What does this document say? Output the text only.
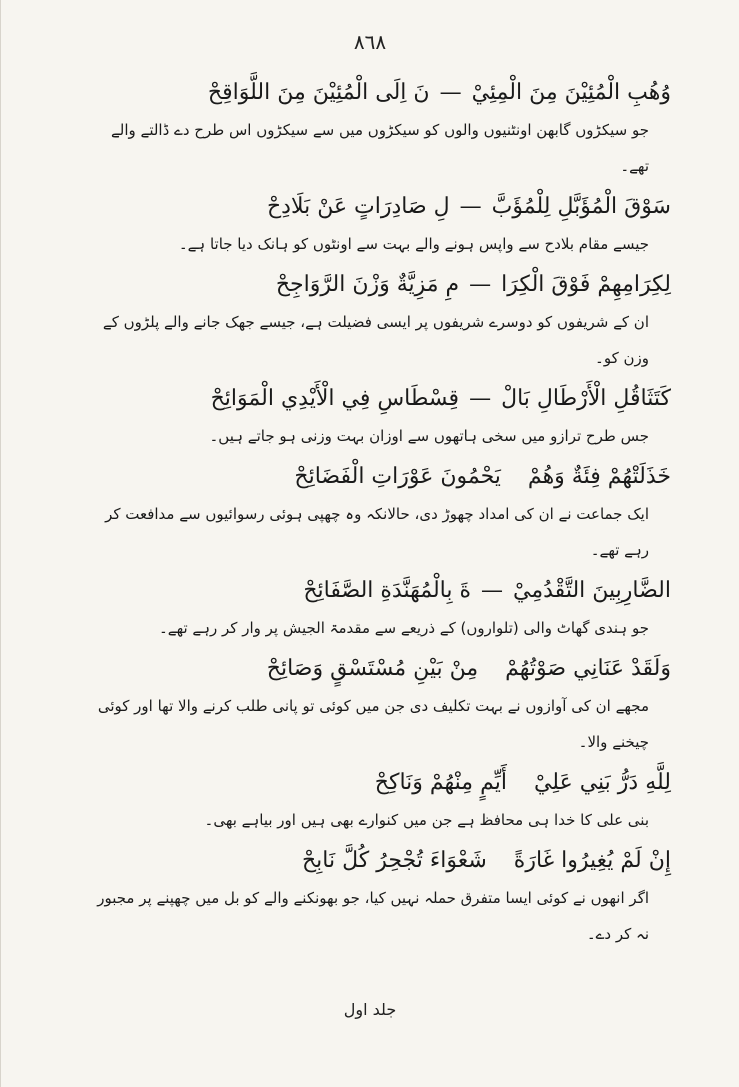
٨٦٨
وُهُبِ الْمُئِيْنَ مِنَ الْمِئِيْ—نَ اِلَى الْمُئِيْنَ مِنَ اللَّوَاقِحْ
جو سیکڑوں گابھن اونٹنیوں والوں کو سیکڑوں میں سے سیکڑوں اس طرح دے ڈالتے والے تھے۔
سَوْقَ الْمُؤَبَّلِ لِلْمُؤَبَّ—لِ صَادِرَاتٍ عَنْ بَلَادِحْ
جیسے مقام بلادح سے واپس ہونے والے بہت سے اونٹوں کو ہانک دیا جاتا ہے۔
لِكِرَامِهِمْ فَوْقَ الْكِرَا—مِ مَزِيَّةٌ وَزْنَ الرَّوَاجِحْ
ان کے شریفوں کو دوسرے شریفوں پر ایسی فضیلت ہے، جیسے جھک جانے والے پلڑوں کے وزن کو۔
كَتَثَاقُلِ الْأَرْطَالِ بَالْ—قِسْطَاسِ فِي الْأَيْدِي الْمَوَائِحْ
جس طرح ترازو میں سخی ہاتھوں سے اوزان بہت وزنی ہو جاتے ہیں۔
خَذَلَتْهُمْ فِئَةٌ وَهُمْ يَحْمُونَ عَوْرَاتِ الْفَضَائِحْ
ایک جماعت نے ان کی امداد چھوڑ دی، حالانکہ وہ چھپی ہوئی رسوائیوں سے مدافعت کر رہے تھے۔
الضَّارِبِينَ التَّقْدُمِيْ—ةَ بِالْمُهَنَّدَةِ الصَّفَائِحْ
جو ہندی گھاٹ والی (تلواروں) کے ذریعے سے مقدمۃ الجیش پر وار کر رہے تھے۔
وَلَقَدْ عَنَانِي صَوْتُهُمْ مِنْ بَيْنِ مُسْتَسْقٍ وَصَائِحْ
مجھے ان کی آوازوں نے بہت تکلیف دی جن میں کوئی تو پانی طلب کرنے والا تھا اور کوئی چیخنے والا۔
لِلَّهِ دَرُّ بَنِي عَلِيْ أَيِّمٍ مِنْهُمْ وَنَاكِحْ
بنی علی کا خدا ہی محافظ ہے جن میں کنوارے بھی ہیں اور بیاہے بھی۔
إِنْ لَمْ يُغِيرُوا غَارَةً شَعْوَاءَ تُجْحِرُ كُلَّ نَابِحْ
اگر انھوں نے کوئی ایسا متفرق حملہ نہیں کیا، جو بھونکنے والے کو بل میں چھپنے پر مجبور نہ کر دے۔
جلد اول
